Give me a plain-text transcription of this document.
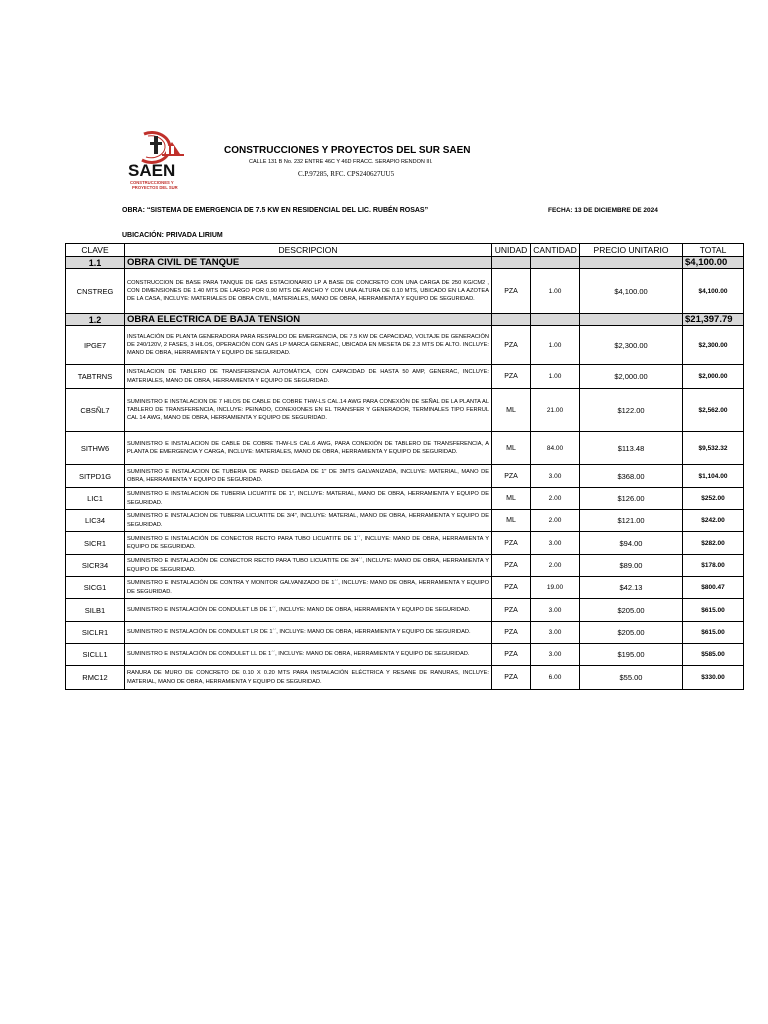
SAEN
CONSTRUCCIONES Y
PROYECTOS DEL SUR
CONSTRUCCIONES Y PROYECTOS DEL SUR SAEN
CALLE 131 B No. 232 ENTRE 46C Y 46D FRACC. SERAPIO RENDON III.
C.P.97285, RFC. CPS240627UU5
OBRA: “SISTEMA DE EMERGENCIA DE 7.5 KW EN RESIDENCIAL DEL LIC. RUBÉN ROSAS”	FECHA: 13 DE DICIEMBRE DE 2024
UBICACIÓN: PRIVADA LIRIUM
CLAVE	DESCRIPCION	UNIDAD	CANTIDAD	PRECIO UNITARIO	TOTAL
1.1	OBRA CIVIL DE TANQUE				$4,100.00
CNSTREG	CONSTRUCCION DE BASE PARA TANQUE DE GAS ESTACIONARIO LP A BASE DE CONCRETO CON UNA CARGA DE 250 KG/CM2 , CON DIMENSIONES DE 1.40 MTS DE LARGO POR 0.90 MTS DE ANCHO Y CON UNA ALTURA DE 0.10 MTS, UBICADO EN LA AZOTEA DE LA CASA, INCLUYE: MATERIALES DE OBRA CIVIL, MATERIALES, MANO DE OBRA, HERRAMIENTA Y EQUIPO DE SEGURIDAD.	PZA	1.00	$4,100.00	$4,100.00
1.2	OBRA ELECTRICA DE BAJA TENSION				$21,397.79
IPGE7	INSTALACIÓN DE PLANTA GENERADORA PARA RESPALDO DE EMERGENCIA, DE 7.5 KW DE CAPACIDAD, VOLTAJE DE GENERACIÓN DE 240/120V, 2 FASES, 3 HILOS, OPERACIÓN CON GAS LP MARCA GENERAC, UBICADA EN MESETA DE 2.3 MTS DE ALTO. INCLUYE: MANO DE OBRA, HERRAMIENTA Y EQUIPO DE SEGURIDAD.	PZA	1.00	$2,300.00	$2,300.00
TABTRNS	INSTALACION DE TABLERO DE TRANSFERENCIA AUTOMÁTICA, CON CAPACIDAD DE HASTA 50 AMP, GENERAC, INCLUYE: MATERIALES, MANO DE OBRA, HERRAMIENTA Y EQUIPO DE SEGURIDAD.	PZA	1.00	$2,000.00	$2,000.00
CBSÑL7	SUMINISTRO E INSTALACION DE 7 HILOS DE CABLE DE COBRE THW-LS CAL.14 AWG PARA CONEXIÓN DE SEÑAL DE LA PLANTA AL TABLERO DE TRANSFERENCIA, INCLUYE: PEINADO, CONEXIONES EN EL TRANSFER Y GENERADOR, TERMINALES TIPO FERRUL CAL 14 AWG, MANO DE OBRA, HERRAMIENTA Y EQUIPO DE SEGURIDAD.	ML	21.00	$122.00	$2,562.00
SITHW6	SUMINISTRO E INSTALACION DE CABLE DE COBRE THW-LS CAL.6 AWG, PARA CONEXIÓN DE TABLERO DE TRANSFERENCIA, A PLANTA DE EMERGENCIA Y CARGA, INCLUYE: MATERIALES, MANO DE OBRA, HERRAMIENTA Y EQUIPO DE SEGURIDAD.	ML	84.00	$113.48	$9,532.32
SITPD1G	SUMINISTRO E INSTALACION DE TUBERIA DE PARED DELGADA DE 1" DE 3MTS GALVANIZADA, INCLUYE: MATERIAL, MANO DE OBRA, HERRAMIENTA Y EQUIPO DE SEGURIDAD.	PZA	3.00	$368.00	$1,104.00
LIC1	SUMINISTRO E INSTALACION DE TUBERIA LICUATITE DE 1", INCLUYE: MATERIAL, MANO DE OBRA, HERRAMIENTA Y EQUIPO DE SEGURIDAD.	ML	2.00	$126.00	$252.00
LIC34	SUMINISTRO E INSTALACION DE TUBERIA LICUATITE DE 3/4", INCLUYE: MATERIAL, MANO DE OBRA, HERRAMIENTA Y EQUIPO DE SEGURIDAD.	ML	2.00	$121.00	$242.00
SICR1	SUMINISTRO E INSTALACIÓN DE CONECTOR RECTO PARA TUBO LICUATITE DE 1´´, INCLUYE: MANO DE OBRA, HERRAMIENTA Y EQUIPO DE SEGURIDAD.	PZA	3.00	$94.00	$282.00
SICR34	SUMINISTRO E INSTALACIÓN DE CONECTOR RECTO PARA TUBO LICUATITE DE 3/4´´, INCLUYE: MANO DE OBRA, HERRAMIENTA Y EQUIPO DE SEGURIDAD.	PZA	2.00	$89.00	$178.00
SICG1	SUMINISTRO E INSTALACIÓN DE CONTRA Y MONITOR GALVANIZADO DE 1´´, INCLUYE: MANO DE OBRA, HERRAMIENTA Y EQUIPO DE SEGURIDAD.	PZA	19.00	$42.13	$800.47
SILB1	SUMINISTRO E INSTALACIÓN DE CONDULET LB DE 1´´, INCLUYE: MANO DE OBRA, HERRAMIENTA Y EQUIPO DE SEGURIDAD.	PZA	3.00	$205.00	$615.00
SICLR1	SUMINISTRO E INSTALACIÓN DE CONDULET LR DE 1´´, INCLUYE: MANO DE OBRA, HERRAMIENTA Y EQUIPO DE SEGURIDAD.	PZA	3.00	$205.00	$615.00
SICLL1	SUMINISTRO E INSTALACIÓN DE CONDULET LL DE 1´´, INCLUYE: MANO DE OBRA, HERRAMIENTA Y EQUIPO DE SEGURIDAD.	PZA	3.00	$195.00	$585.00
RMC12	RANURA DE MURO DE CONCRETO DE 0.10 X 0.20 MTS PARA INSTALACIÓN ELÉCTRICA Y RESANE DE RANURAS, INCLUYE: MATERIAL, MANO DE OBRA, HERRAMIENTA Y EQUIPO DE SEGURIDAD.	PZA	6.00	$55.00	$330.00
